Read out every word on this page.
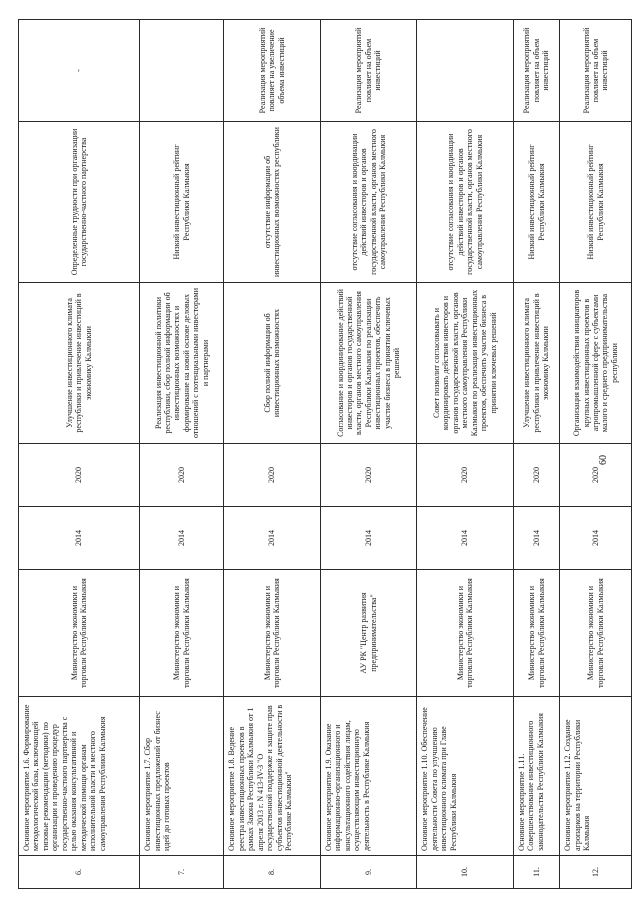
6.	Основное мероприятие 1.6. Формирование методологической базы, включающей типовые рекомендации (методики) по организации и проведению процедур государственно-частного партнерства с целью оказания консультативной и методической помощи органам исполнительной власти и местного самоуправления Республики Калмыкия	Министерство экономики и торговли Республики Калмыкия	2014	2020	Улучшение инвестиционного климата республики и привлечение инвестиций в экономику Калмыкии	Определенные трудности при организации государственно-частного партнерства	-
7.	Основное мероприятие 1.7. Сбор инвестиционных предложений от бизнес идей до готовых проектов	Министерство экономики и торговли Республики Калмыкия	2014	2020	Реализация инвестиционной политики республики, сбор полной информации об инвестиционных возможностях и формирование на новой основе деловых отношений с потенциальными инвесторами и партнерами	Низкий инвестиционный рейтинг Республики Калмыкия	
8.	Основное мероприятие 1.8. Ведение реестра инвестиционных проектов в рамках Закона Республики Калмыкия от 1 апреля 2013 г. N 413-IV-З "О государственной поддержке и защите прав субъектов инвестиционной деятельности в Республике Калмыкия"	Министерство экономики и торговли Республики Калмыкия	2014	2020	Сбор полной информации об инвестиционных возможностях	отсутствие информации об инвестиционных возможностях республики	Реализация мероприятий повлияет на увеличение объема инвестиций
9.	Основное мероприятие 1.9. Оказание информационно-организационного и консультационного содействия лицам, осуществляющим инвестиционную деятельность в Республике Калмыкия	АУ РК "Центр развития предпринимательства"	2014	2020	Согласование и координирование действий инвесторов и органов государственной власти, органов местного самоуправления Республики Калмыкия по реализации инвестиционных проектов, обеспечить участие бизнеса в принятии ключевых решений	отсутствие согласования и координации действий инвесторов и органов государственной власти, органов местного самоуправления Республики Калмыкия	Реализация мероприятий повлияет на объем инвестиций
10.	Основное мероприятие 1.10. Обеспечение деятельности Совета по улучшению инвестиционного климата при Главе Республики Калмыкия	Министерство экономики и торговли Республики Калмыкия	2014	2020	Совет позволит согласовывать и координировать действия инвесторов и органов государственной власти, органов местного самоуправления Республики Калмыкия по реализации инвестиционных проектов, обеспечить участие бизнеса в принятии ключевых решений	отсутствие согласования и координации действий инвесторов и органов государственной власти, органов местного самоуправления Республики Калмыкия	
11.	Основное мероприятие 1.11. Совершенствование инвестиционного законодательства Республики Калмыкия	Министерство экономики и торговли Республики Калмыкия	2014	2020	Улучшение инвестиционного климата республики и привлечение инвестиций в экономику Калмыкии	Низкий инвестиционный рейтинг Республики Калмыкия	Реализация мероприятий повлияет на объем инвестиций
12.	Основное мероприятие 1.12. Создание агропарков на территории Республики Калмыкия	Министерство экономики и торговли Республики Калмыкия	2014	2020	Организация взаимодействия инициаторов крупных инвестиционных проектов в агропромышленной сфере с субъектами малого и среднего предпринимательства республики	Низкий инвестиционный рейтинг Республики Калмыкия	Реализация мероприятий повлияет на объем инвестиций
60
